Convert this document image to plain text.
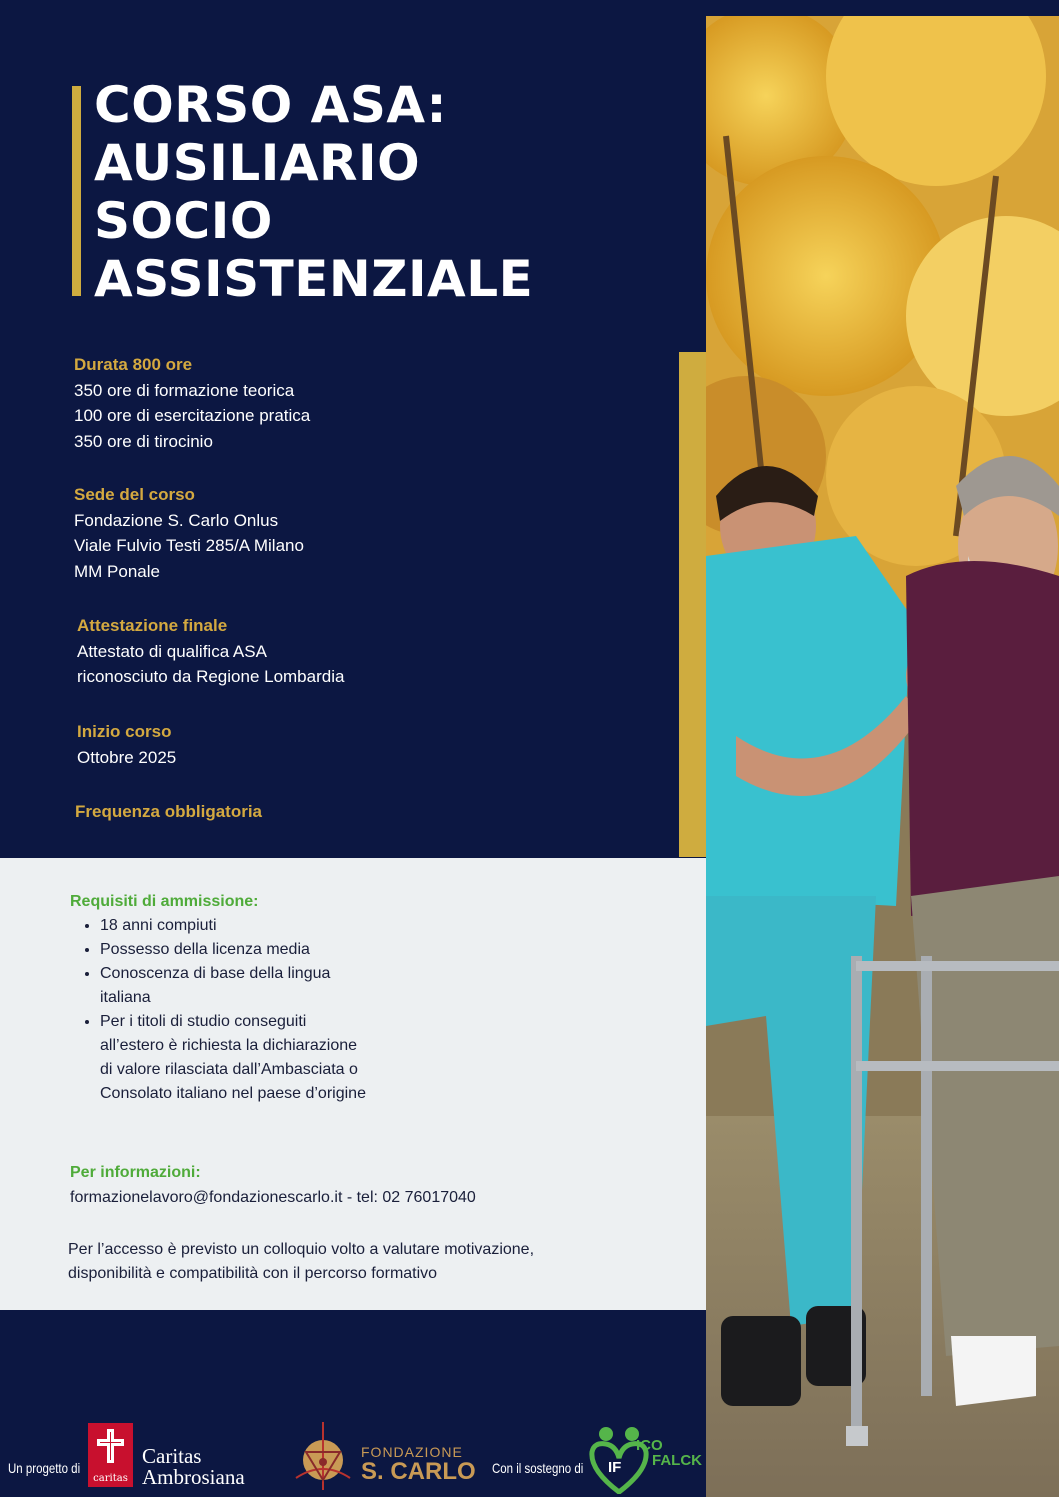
CORSO ASA:
AUSILIARIO
SOCIO
ASSISTENZIALE
Durata 800 ore
350 ore di formazione teorica
100 ore di esercitazione pratica
350 ore di tirocinio
Sede del corso
Fondazione S. Carlo Onlus
Viale Fulvio Testi 285/A Milano
MM Ponale
Attestazione finale
Attestato di qualifica ASA
riconosciuto da Regione Lombardia
Inizio corso
Ottobre 2025
Frequenza obbligatoria
Requisiti di ammissione:
• 18 anni compiuti
• Possesso della licenza media
• Conoscenza di base della lingua italiana
• Per i titoli di studio conseguiti all’estero è richiesta la dichiarazione di valore rilasciata dall’Ambasciata o Consolato italiano nel paese d’origine
Per informazioni:
formazionelavoro@fondazionescarlo.it - tel: 02 76017040

Per l’accesso è previsto un colloquio volto a valutare motivazione,
disponibilità e compatibilità con il percorso formativo

Un progetto di
caritas
Caritas
Ambrosiana
FONDAZIONE
S. CARLO Con il sostegno di IF
ICO
FALCK
